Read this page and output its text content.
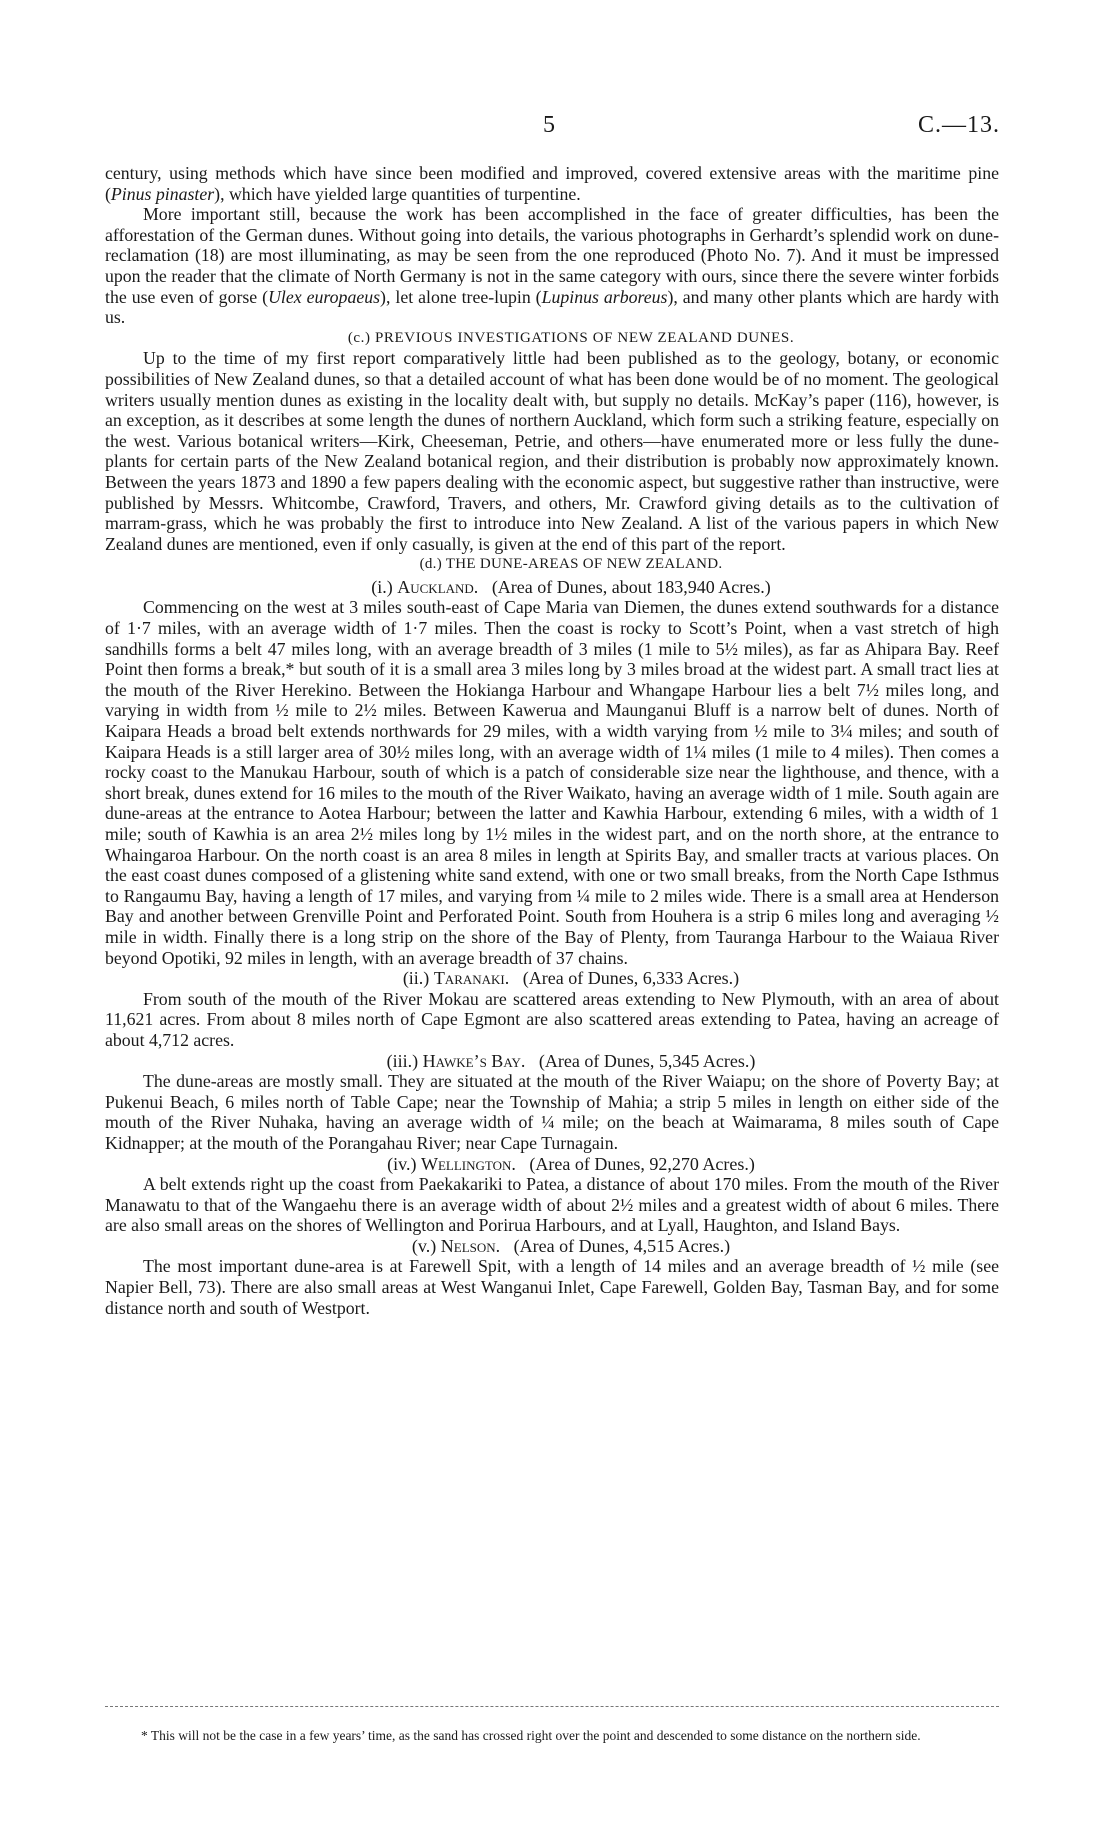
5	C.—13.

century, using methods which have since been modified and improved, covered extensive areas with the maritime pine (Pinus pinaster), which have yielded large quantities of turpentine.

More important still, because the work has been accomplished in the face of greater difficulties, has been the afforestation of the German dunes. Without going into details, the various photographs in Gerhardt’s splendid work on dune-reclamation (18) are most illuminating, as may be seen from the one reproduced (Photo No. 7). And it must be impressed upon the reader that the climate of North Germany is not in the same category with ours, since there the severe winter forbids the use even of gorse (Ulex europaeus), let alone tree-lupin (Lupinus arboreus), and many other plants which are hardy with us.

(c.) PREVIOUS INVESTIGATIONS OF NEW ZEALAND DUNES.

Up to the time of my first report comparatively little had been published as to the geology, botany, or economic possibilities of New Zealand dunes, so that a detailed account of what has been done would be of no moment. The geological writers usually mention dunes as existing in the locality dealt with, but supply no details. McKay’s paper (116), however, is an exception, as it describes at some length the dunes of northern Auckland, which form such a striking feature, especially on the west. Various botanical writers—Kirk, Cheeseman, Petrie, and others—have enumerated more or less fully the dune-plants for certain parts of the New Zealand botanical region, and their distribution is probably now approximately known. Between the years 1873 and 1890 a few papers dealing with the economic aspect, but suggestive rather than instructive, were published by Messrs. Whitcombe, Crawford, Travers, and others, Mr. Crawford giving details as to the cultivation of marram-grass, which he was probably the first to introduce into New Zealand. A list of the various papers in which New Zealand dunes are mentioned, even if only casually, is given at the end of this part of the report.

(d.) THE DUNE-AREAS OF NEW ZEALAND.

(i.) Auckland. (Area of Dunes, about 183,940 Acres.)

Commencing on the west at 3 miles south-east of Cape Maria van Diemen, the dunes extend southwards for a distance of 1·7 miles, with an average width of 1·7 miles. Then the coast is rocky to Scott’s Point, when a vast stretch of high sandhills forms a belt 47 miles long, with an average breadth of 3 miles (1 mile to 5½ miles), as far as Ahipara Bay. Reef Point then forms a break,* but south of it is a small area 3 miles long by 3 miles broad at the widest part. A small tract lies at the mouth of the River Herekino. Between the Hokianga Harbour and Whangape Harbour lies a belt 7½ miles long, and varying in width from ½ mile to 2½ miles. Between Kawerua and Maunganui Bluff is a narrow belt of dunes. North of Kaipara Heads a broad belt extends northwards for 29 miles, with a width varying from ½ mile to 3¼ miles; and south of Kaipara Heads is a still larger area of 30½ miles long, with an average width of 1¼ miles (1 mile to 4 miles). Then comes a rocky coast to the Manukau Harbour, south of which is a patch of considerable size near the lighthouse, and thence, with a short break, dunes extend for 16 miles to the mouth of the River Waikato, having an average width of 1 mile. South again are dune-areas at the entrance to Aotea Harbour; between the latter and Kawhia Harbour, extending 6 miles, with a width of 1 mile; south of Kawhia is an area 2½ miles long by 1½ miles in the widest part, and on the north shore, at the entrance to Whaingaroa Harbour. On the north coast is an area 8 miles in length at Spirits Bay, and smaller tracts at various places. On the east coast dunes composed of a glistening white sand extend, with one or two small breaks, from the North Cape Isthmus to Rangaumu Bay, having a length of 17 miles, and varying from ¼ mile to 2 miles wide. There is a small area at Henderson Bay and another between Grenville Point and Perforated Point. South from Houhera is a strip 6 miles long and averaging ½ mile in width. Finally there is a long strip on the shore of the Bay of Plenty, from Tauranga Harbour to the Waiaua River beyond Opotiki, 92 miles in length, with an average breadth of 37 chains.

(ii.) Taranaki. (Area of Dunes, 6,333 Acres.)

From south of the mouth of the River Mokau are scattered areas extending to New Plymouth, with an area of about 11,621 acres. From about 8 miles north of Cape Egmont are also scattered areas extending to Patea, having an acreage of about 4,712 acres.

(iii.) Hawke’s Bay. (Area of Dunes, 5,345 Acres.)

The dune-areas are mostly small. They are situated at the mouth of the River Waiapu; on the shore of Poverty Bay; at Pukenui Beach, 6 miles north of Table Cape; near the Township of Mahia; a strip 5 miles in length on either side of the mouth of the River Nuhaka, having an average width of ¼ mile; on the beach at Waimarama, 8 miles south of Cape Kidnapper; at the mouth of the Porangahau River; near Cape Turnagain.

(iv.) Wellington. (Area of Dunes, 92,270 Acres.)

A belt extends right up the coast from Paekakariki to Patea, a distance of about 170 miles. From the mouth of the River Manawatu to that of the Wangaehu there is an average width of about 2½ miles and a greatest width of about 6 miles. There are also small areas on the shores of Wellington and Porirua Harbours, and at Lyall, Haughton, and Island Bays.

(v.) Nelson. (Area of Dunes, 4,515 Acres.)

The most important dune-area is at Farewell Spit, with a length of 14 miles and an average breadth of ½ mile (see Napier Bell, 73). There are also small areas at West Wanganui Inlet, Cape Farewell, Golden Bay, Tasman Bay, and for some distance north and south of Westport.

* This will not be the case in a few years’ time, as the sand has crossed right over the point and descended to some distance on the northern side.
